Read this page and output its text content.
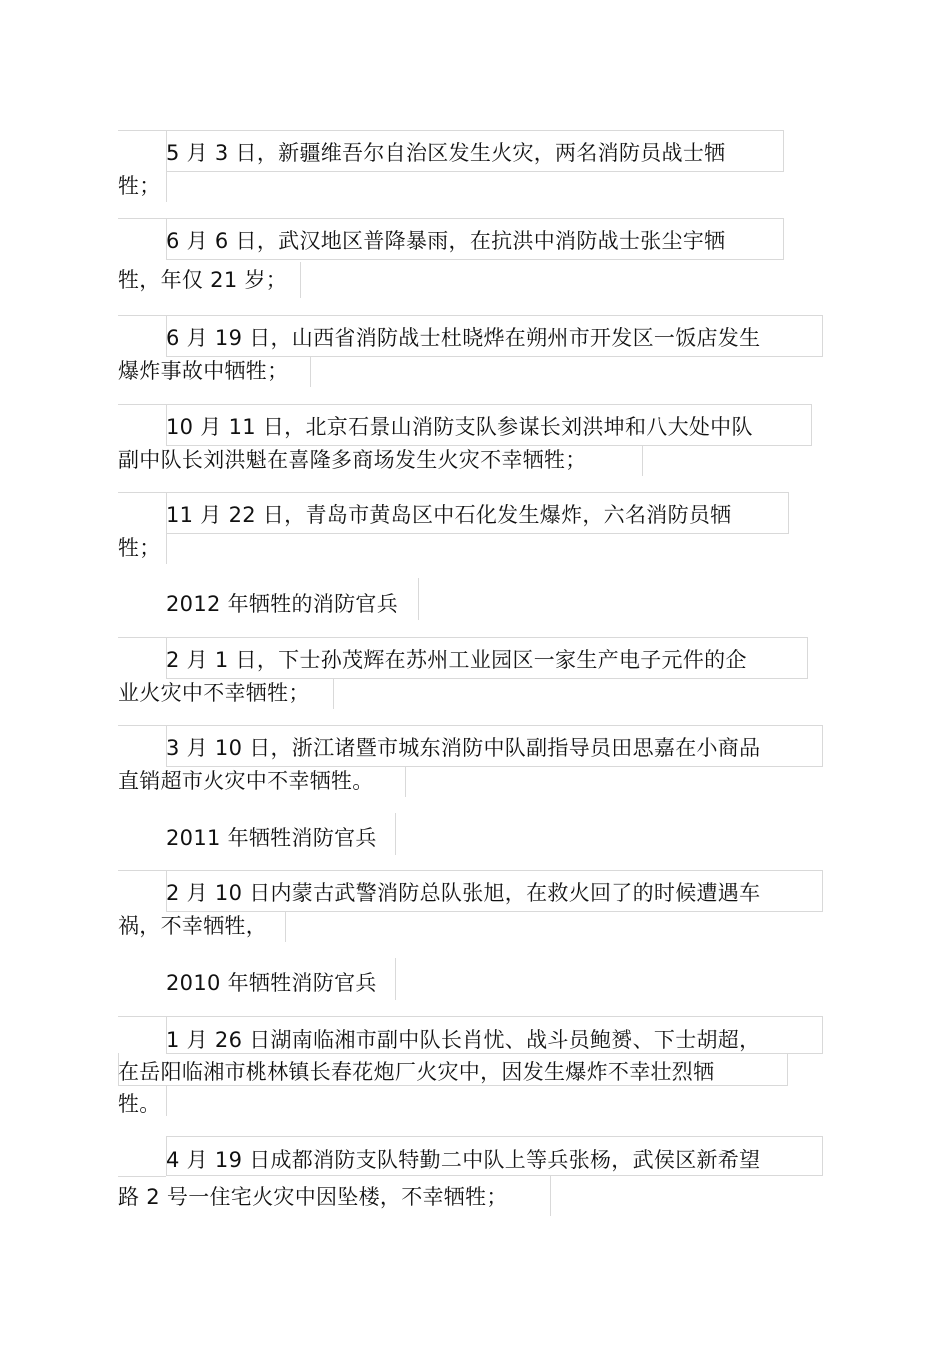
5 月 3 日，新疆维吾尔自治区发生火灾，两名消防员战士牺
牲；
6 月 6 日，武汉地区普降暴雨，在抗洪中消防战士张尘宇牺
牲，年仅 21 岁；
6 月 19 日，山西省消防战士杜晓烨在朔州市开发区一饭店发生
爆炸事故中牺牲；
10 月 11 日，北京石景山消防支队参谋长刘洪坤和八大处中队
副中队长刘洪魁在喜隆多商场发生火灾不幸牺牲；
11 月 22 日，青岛市黄岛区中石化发生爆炸，六名消防员牺
牲；
2012 年牺牲的消防官兵
2 月 1 日，下士孙茂辉在苏州工业园区一家生产电子元件的企
业火灾中不幸牺牲；
3 月 10 日，浙江诸暨市城东消防中队副指导员田思嘉在小商品
直销超市火灾中不幸牺牲。
2011 年牺牲消防官兵
2 月 10 日内蒙古武警消防总队张旭，在救火回了的时候遭遇车
祸，不幸牺牲，
2010 年牺牲消防官兵
1 月 26 日湖南临湘市副中队长肖忧、战斗员鲍赟、下士胡超，
在岳阳临湘市桃林镇长春花炮厂火灾中，因发生爆炸不幸壮烈牺
牲。
4 月 19 日成都消防支队特勤二中队上等兵张杨，武侯区新希望
路 2 号一住宅火灾中因坠楼，不幸牺牲；
